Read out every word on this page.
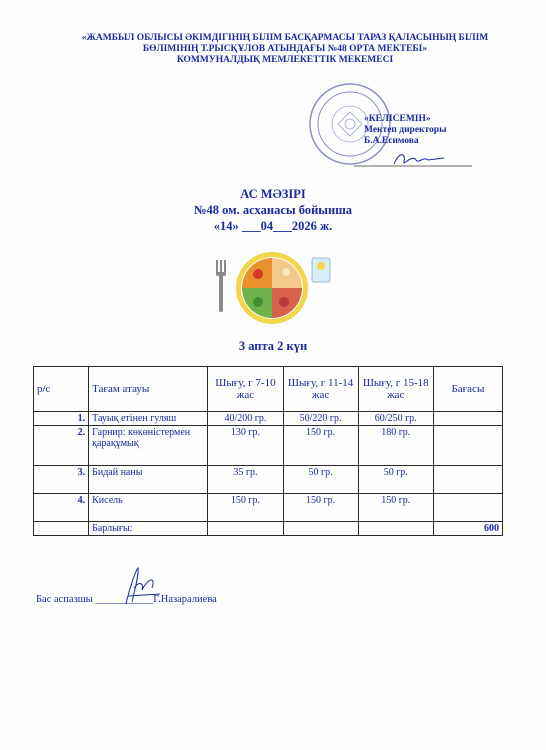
«ЖАМБЫЛ ОБЛЫСЫ ӘКІМДІГІНІҢ БІЛІМ БАСҚАРМАСЫ ТАРАЗ ҚАЛАСЫНЫҢ БІЛІМ
БӨЛІМІНІҢ Т.РЫСҚҰЛОВ АТЫНДАҒЫ №48 ОРТА МЕКТЕБІ»
КОММУНАЛДЫҚ МЕМЛЕКЕТТІК МЕКЕМЕСІ
«КЕЛІСЕМІН»
Мектеп директоры
Б.А.Есимова
АС МӘЗІРІ
№48 ом. асханасы бойынша
«14» ___04___2026 ж.
3 апта 2 күн
р/с	Тағам атауы	Шығу, г 7-10 жас	Шығу, г 11-14 жас	Шығу, г 15-18 жас	Бағасы
1.	Тауық етінен гуляш	40/200 гр.	50/220 гр.	60/250 гр.	
2.	Гарнир: көкөністермен қарақұмық	130 гр.	150 гр.	180 гр.	
3.	Бидай наны	35 гр.	50 гр.	50 гр.	
4.	Кисель	150 гр.	150 гр.	150 гр.	
	Барлығы:				600
Бас аспазшы ___________Г.Назаралиева
